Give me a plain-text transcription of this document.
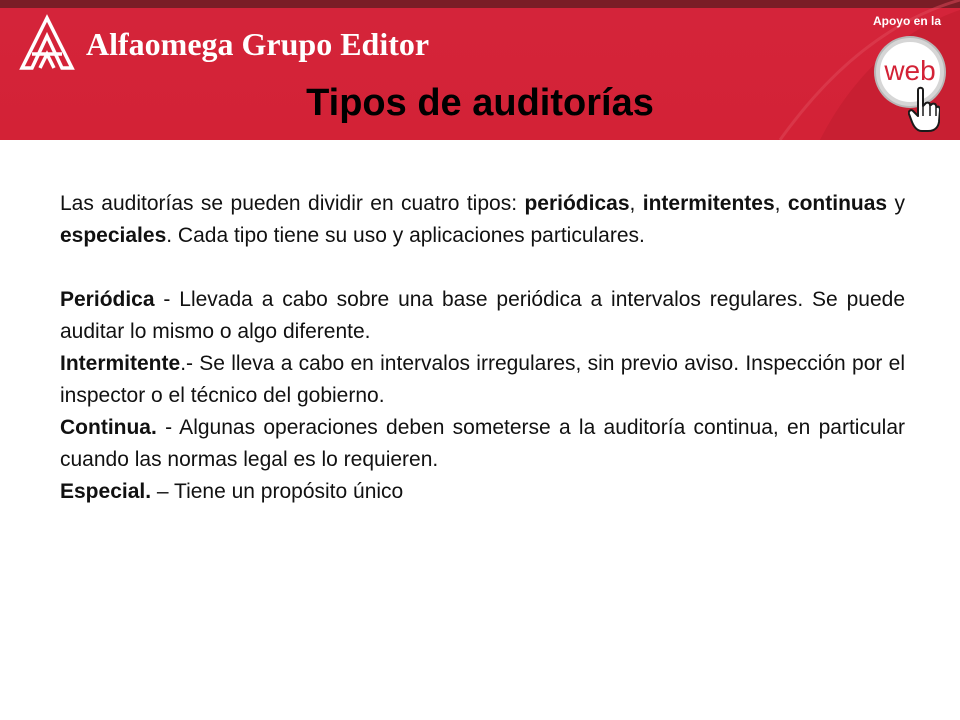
Alfaomega Grupo Editor
Apoyo en la
web
Tipos de auditorías

Las auditorías se pueden dividir en cuatro tipos: periódicas, intermitentes, continuas y especiales. Cada tipo tiene su uso y aplicaciones particulares.

Periódica - Llevada a cabo sobre una base periódica a intervalos regulares. Se puede auditar lo mismo o algo diferente.

Intermitente.- Se lleva a cabo en intervalos irregulares, sin previo aviso. Inspección por el inspector o el técnico del gobierno.

Continua. - Algunas operaciones deben someterse a la auditoría continua, en particular cuando las normas legal es lo requieren.

Especial. – Tiene un propósito único
